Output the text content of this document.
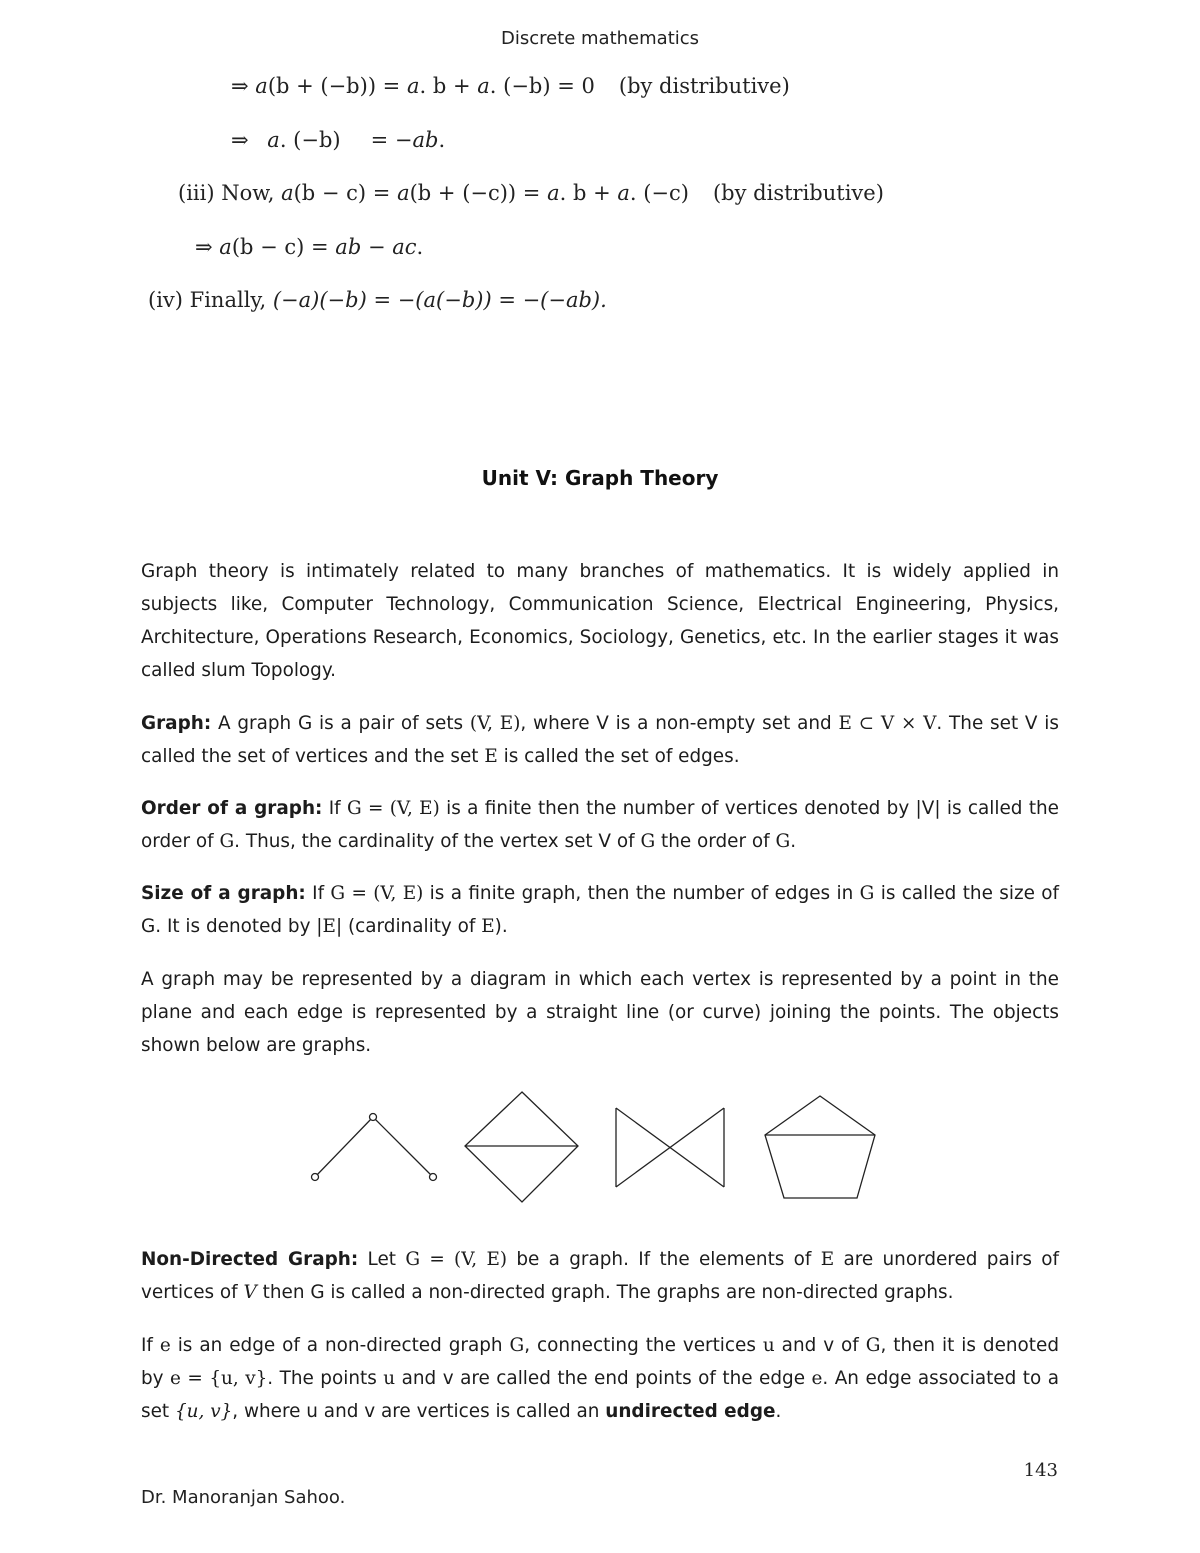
Discrete mathematics
⇒ a(b + (−b)) = a. b + a. (−b) = 0 (by distributive)
⇒ a. (−b) = −ab.
(iii) Now, a(b − c) = a(b + (−c)) = a. b + a. (−c) (by distributive)
⇒ a(b − c) = ab − ac.
(iv) Finally, (−a)(−b) = −(a(−b)) = −(−ab).
Unit V: Graph Theory
Graph theory is intimately related to many branches of mathematics. It is widely applied in subjects like, Computer Technology, Communication Science, Electrical Engineering, Physics, Architecture, Operations Research, Economics, Sociology, Genetics, etc. In the earlier stages it was called slum Topology.
Graph: A graph G is a pair of sets (V, E), where V is a non-empty set and E ⊂ V × V. The set V is called the set of vertices and the set E is called the set of edges.
Order of a graph: If G = (V, E) is a finite then the number of vertices denoted by |V| is called the order of G. Thus, the cardinality of the vertex set V of G the order of G.
Size of a graph: If G = (V, E) is a finite graph, then the number of edges in G is called the size of G. It is denoted by |E| (cardinality of E).
A graph may be represented by a diagram in which each vertex is represented by a point in the plane and each edge is represented by a straight line (or curve) joining the points. The objects shown below are graphs.
Non-Directed Graph: Let G = (V, E) be a graph. If the elements of E are unordered pairs of vertices of V then G is called a non-directed graph. The graphs are non-directed graphs.
If e is an edge of a non-directed graph G, connecting the vertices u and v of G, then it is denoted by e = {u, v}. The points u and v are called the end points of the edge e. An edge associated to a set {u, v}, where u and v are vertices is called an undirected edge.
143
Dr. Manoranjan Sahoo.
